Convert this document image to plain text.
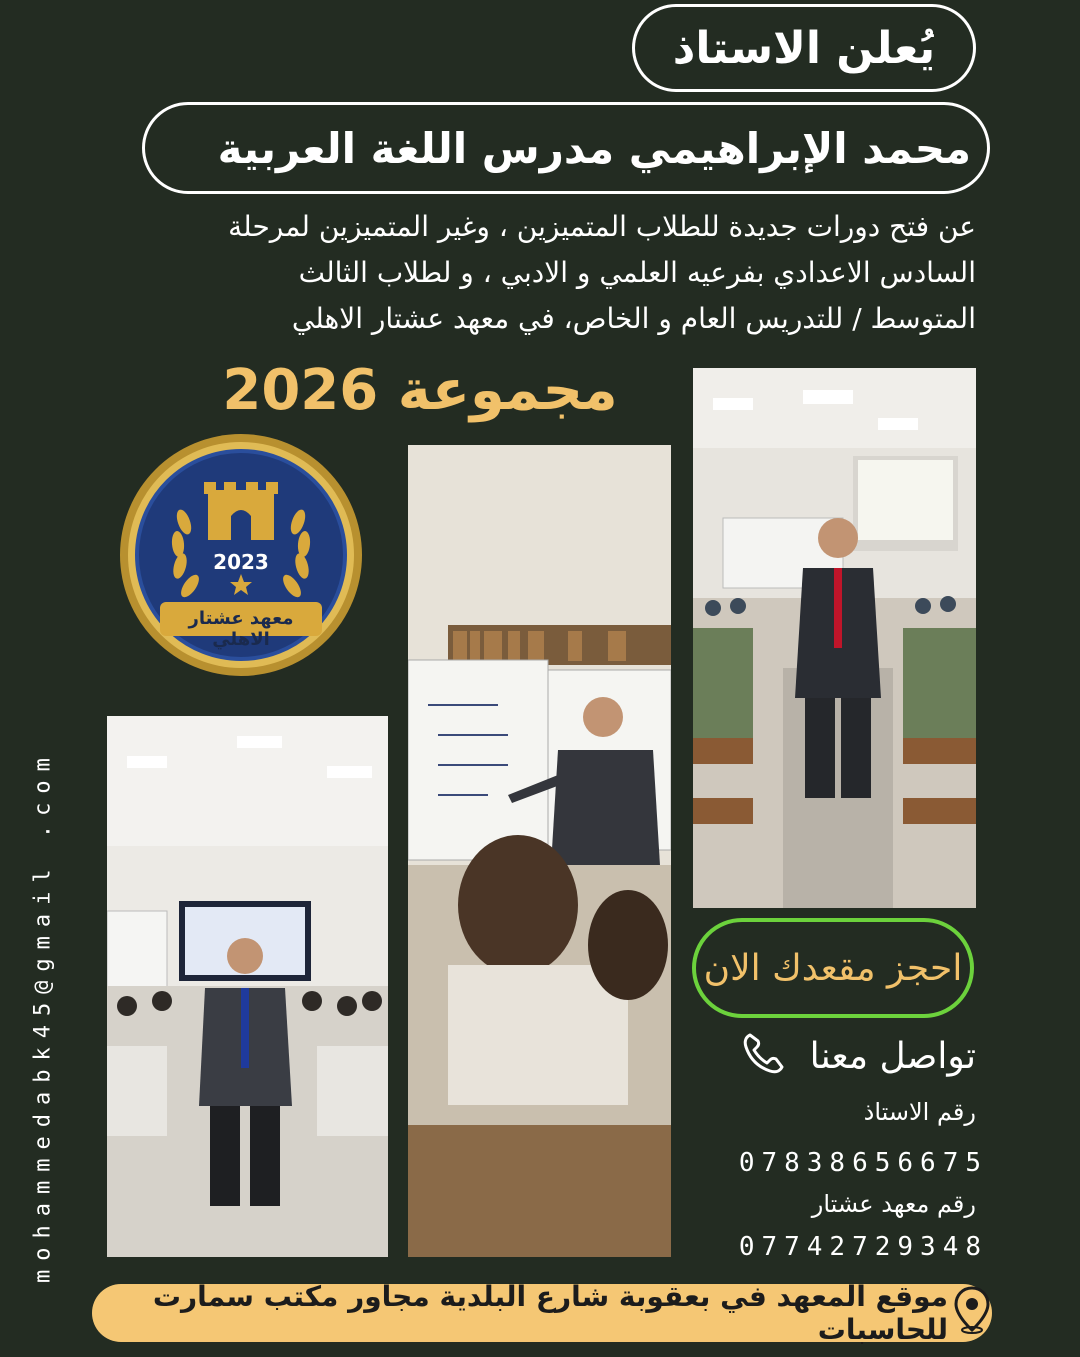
يُعلن الاستاذ
محمد الإبراهيمي مدرس اللغة العربية
عن فتح دورات جديدة للطلاب المتميزين ، وغير المتميزين لمرحلة
السادس الاعدادي بفرعيه العلمي و الادبي ، و لطلاب الثالث
المتوسط / للتدريس العام و الخاص، في معهد عشتار الاهلي
مجموعة 2026
2023
معهد عشتار الاهلي
mohammedabk45@gmail .com	احجز مقعدك الان
تواصل معنا
رقم الاستاذ
07838656675
رقم معهد عشتار
07742729348
موقع المعهد في بعقوبة شارع البلدية مجاور مكتب سمارت للحاسبات
